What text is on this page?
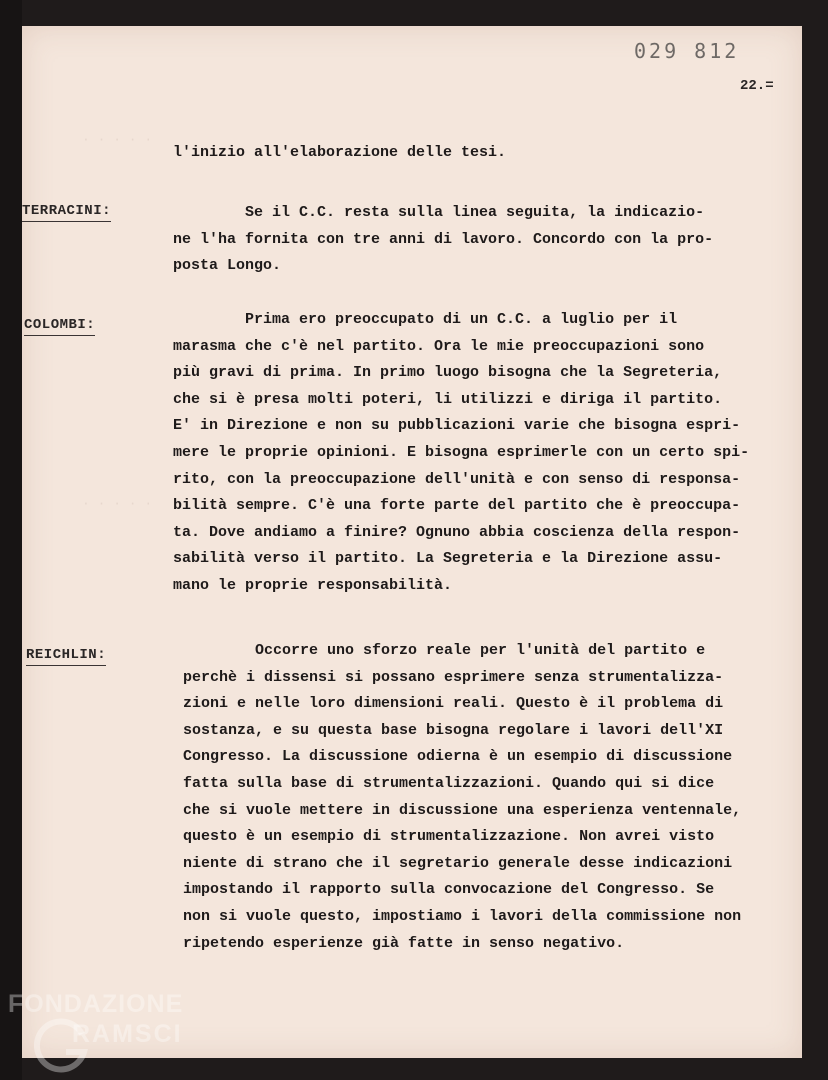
· · · · ·
· · · · ·
029 812
22.=
l'inizio all'elaborazione delle tesi.
TERRACINI:	Se il C.C. resta sulla linea seguita, la indicazio-
ne l'ha fornita con tre anni di lavoro. Concordo con la pro-
posta Longo.
COLOMBI:	Prima ero preoccupato di un C.C. a luglio per il
marasma che c'è nel partito. Ora le mie preoccupazioni sono
più gravi di prima. In primo luogo bisogna che la Segreteria,
che si è presa molti poteri, li utilizzi e diriga il partito.
E' in Direzione e non su pubblicazioni varie che bisogna espri-
mere le proprie opinioni. E bisogna esprimerle con un certo spi-
rito, con la preoccupazione dell'unità e con senso di responsa-
bilità sempre. C'è una forte parte del partito che è preoccupa-
ta. Dove andiamo a finire? Ognuno abbia coscienza della respon-
sabilità verso il partito. La Segreteria e la Direzione assu-
mano le proprie responsabilità.
REICHLIN:	Occorre uno sforzo reale per l'unità del partito e
perchè i dissensi si possano esprimere senza strumentalizza-
zioni e nelle loro dimensioni reali. Questo è il problema di
sostanza, e su questa base bisogna regolare i lavori dell'XI
Congresso. La discussione odierna è un esempio di discussione
fatta sulla base di strumentalizzazioni. Quando qui si dice
che si vuole mettere in discussione una esperienza ventennale,
questo è un esempio di strumentalizzazione. Non avrei visto
niente di strano che il segretario generale desse indicazioni
impostando il rapporto sulla convocazione del Congresso. Se
non si vuole questo, impostiamo i lavori della commissione non
ripetendo esperienze già fatte in senso negativo.
FONDAZIONE
RAMSCI
